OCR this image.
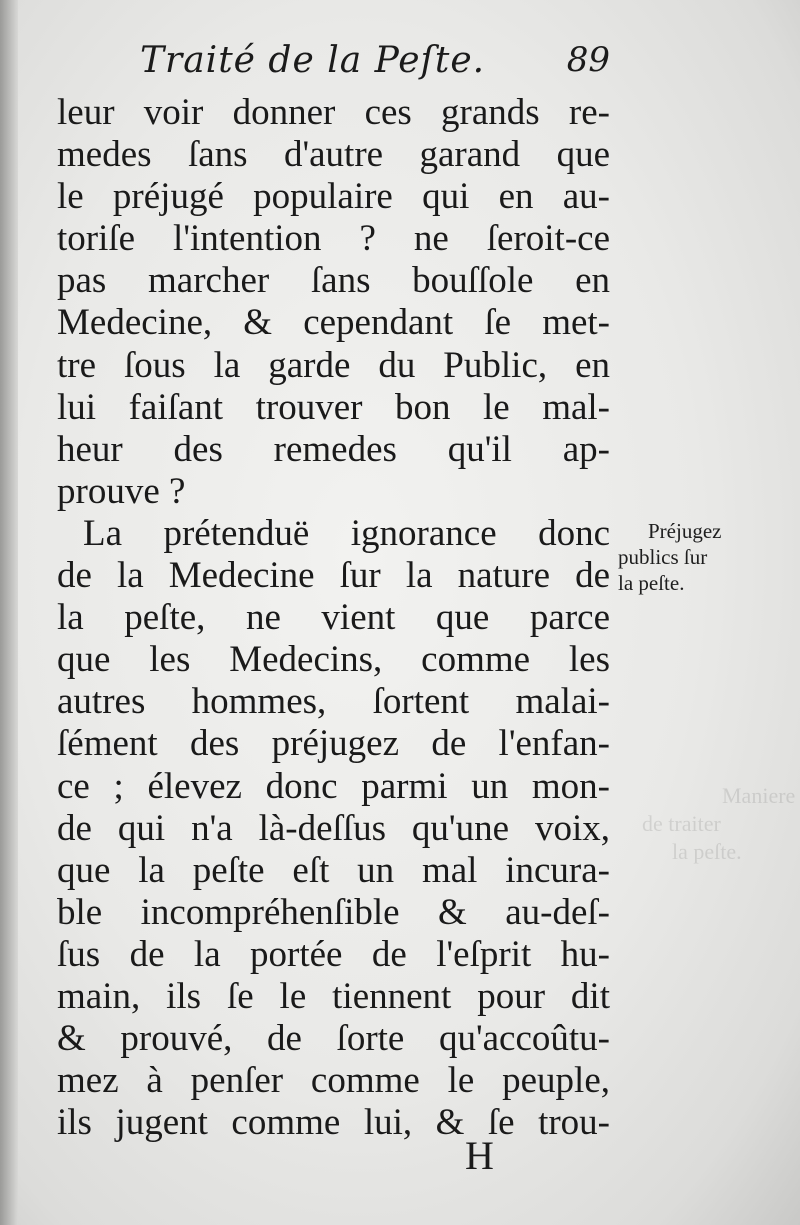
Traité de la Peſte. 89
leur voir donner ces grands re-
medes ſans d'autre garand que
le préjugé populaire qui en au-
toriſe l'intention ? ne ſeroit-ce
pas marcher ſans bouſſole en
Medecine, & cependant ſe met-
tre ſous la garde du Public, en
lui faiſant trouver bon le mal-
heur des remedes qu'il ap-
prouve ?
La prétenduë ignorance donc
de la Medecine ſur la nature de
la peſte, ne vient que parce
que les Medecins, comme les
autres hommes, ſortent malai-
ſément des préjugez de l'enfan-
ce ; élevez donc parmi un mon-
de qui n'a là-deſſus qu'une voix,
que la peſte eſt un mal incura-
ble incompréhenſible & au-deſ-
ſus de la portée de l'eſprit hu-
main, ils ſe le tiennent pour dit
& prouvé, de ſorte qu'accoûtu-
mez à penſer comme le peuple,
ils jugent comme lui, & ſe trou-
Préjugez
publics ſur
la peſte.
Maniere
de traiter
la peſte.
H
